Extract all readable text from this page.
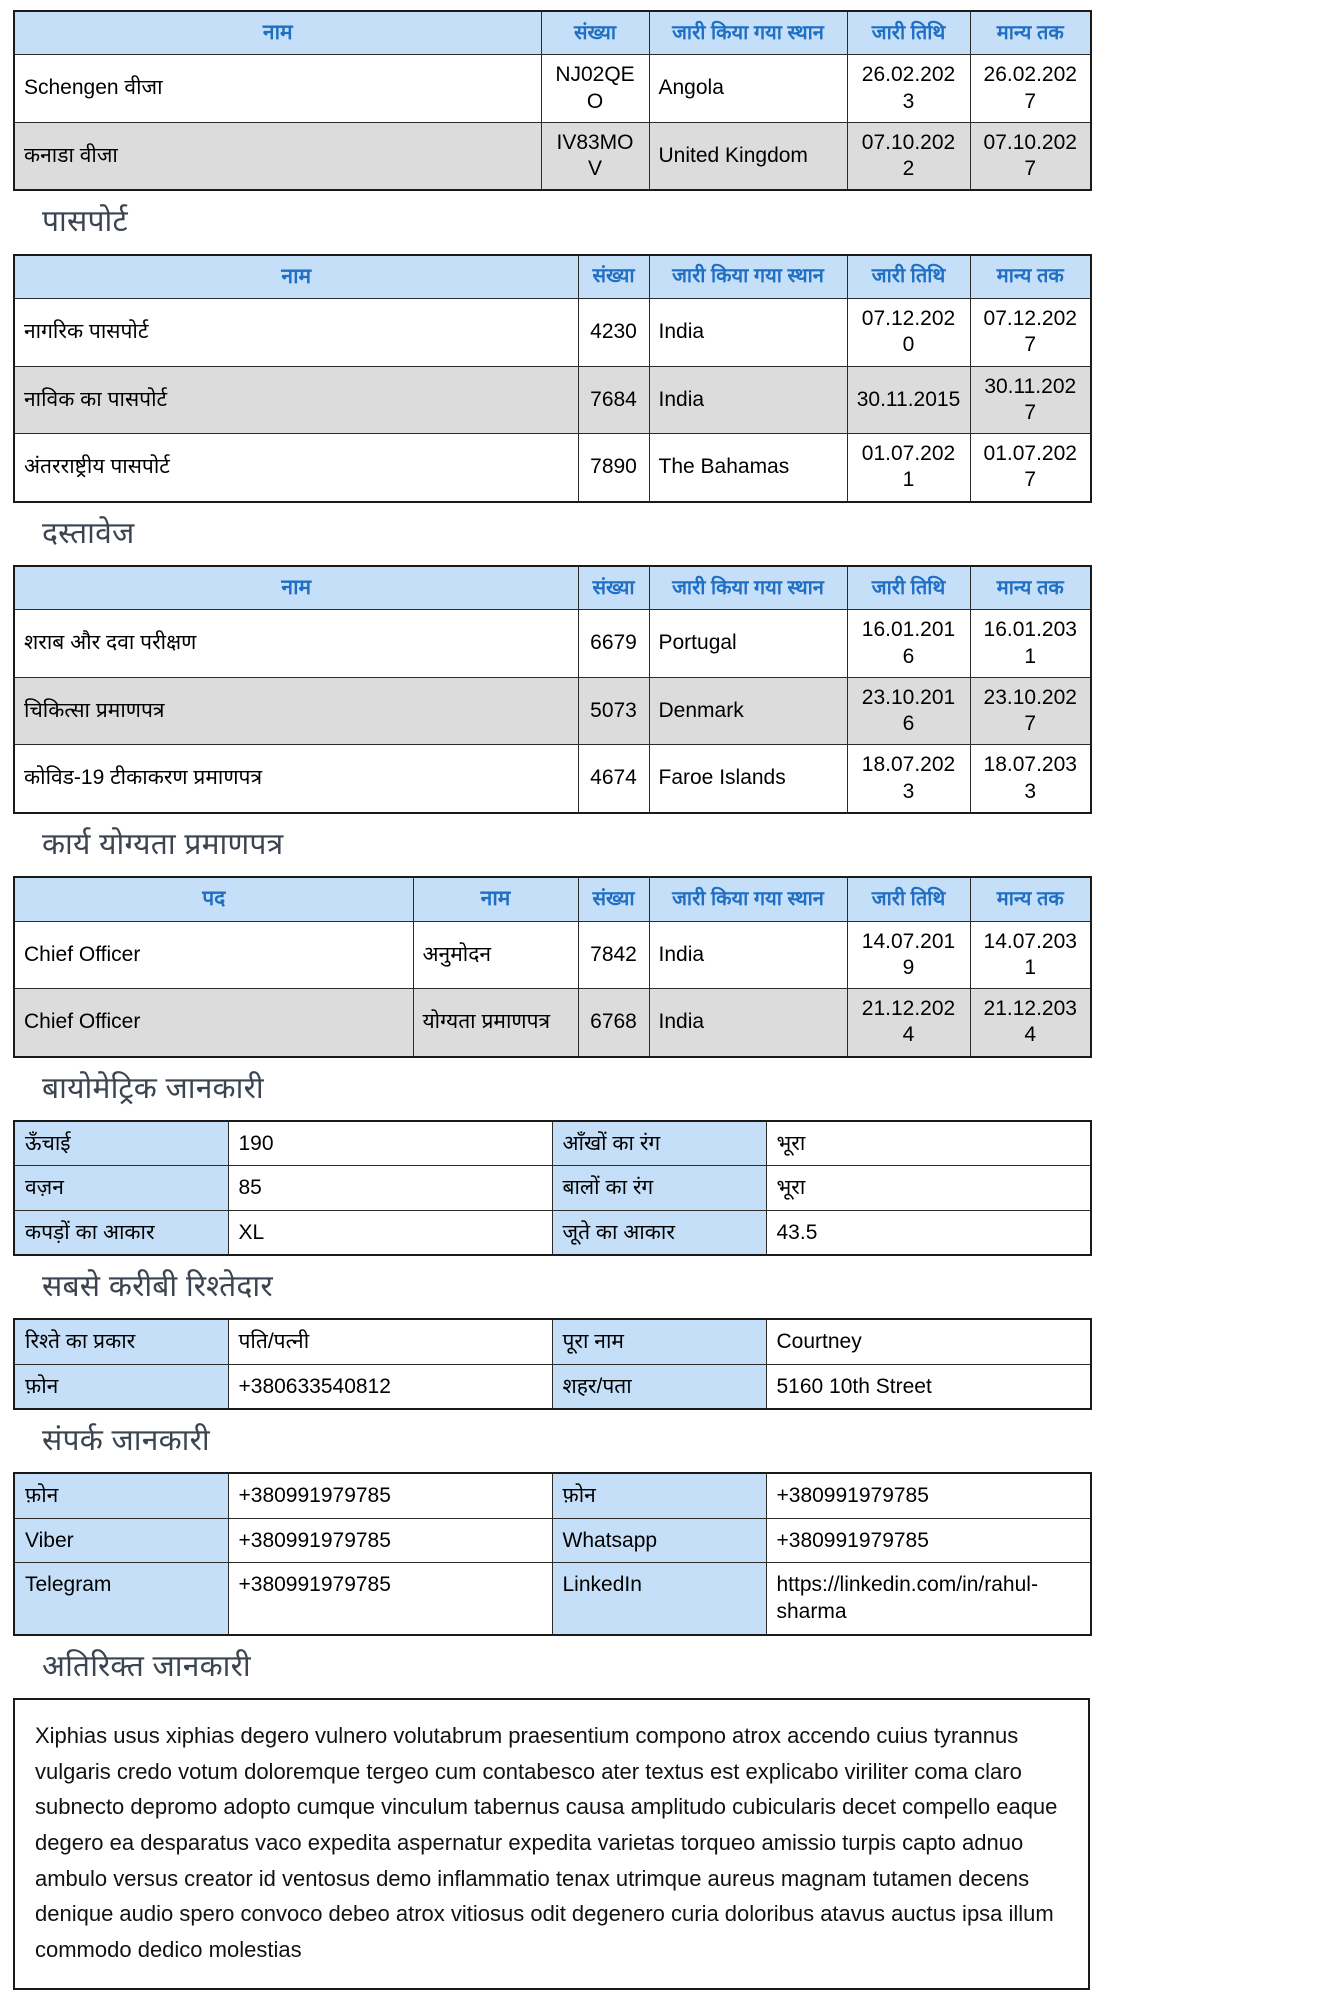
नाम	संख्या	जारी किया गया स्थान	जारी तिथि	मान्य तक
Schengen वीजा	NJ02QEO	Angola	26.02.2023	26.02.2027
कनाडा वीजा	IV83MOV	United Kingdom	07.10.2022	07.10.2027
पासपोर्ट
नाम	संख्या	जारी किया गया स्थान	जारी तिथि	मान्य तक
नागरिक पासपोर्ट	4230	India	07.12.2020	07.12.2027
नाविक का पासपोर्ट	7684	India	30.11.2015	30.11.2027
अंतरराष्ट्रीय पासपोर्ट	7890	The Bahamas	01.07.2021	01.07.2027
दस्तावेज
नाम	संख्या	जारी किया गया स्थान	जारी तिथि	मान्य तक
शराब और दवा परीक्षण	6679	Portugal	16.01.2016	16.01.2031
चिकित्सा प्रमाणपत्र	5073	Denmark	23.10.2016	23.10.2027
कोविड-19 टीकाकरण प्रमाणपत्र	4674	Faroe Islands	18.07.2023	18.07.2033
कार्य योग्यता प्रमाणपत्र
पद	नाम	संख्या	जारी किया गया स्थान	जारी तिथि	मान्य तक
Chief Officer	अनुमोदन	7842	India	14.07.2019	14.07.2031
Chief Officer	योग्यता प्रमाणपत्र	6768	India	21.12.2024	21.12.2034
बायोमेट्रिक जानकारी
ऊँचाई	190	आँखों का रंग	भूरा
वज़न	85	बालों का रंग	भूरा
कपड़ों का आकार	XL	जूते का आकार	43.5
सबसे करीबी रिश्तेदार
रिश्ते का प्रकार	पति/पत्नी	पूरा नाम	Courtney
फ़ोन	+380633540812	शहर/पता	5160 10th Street
संपर्क जानकारी
फ़ोन	+380991979785	फ़ोन	+380991979785
Viber	+380991979785	Whatsapp	+380991979785
Telegram	+380991979785	LinkedIn	https://linkedin.com/in/rahul-sharma
अतिरिक्त जानकारी
Xiphias usus xiphias degero vulnero volutabrum praesentium compono atrox accendo cuius tyrannus vulgaris credo votum doloremque tergeo cum contabesco ater textus est explicabo viriliter coma claro subnecto depromo adopto cumque vinculum tabernus causa amplitudo cubicularis decet compello eaque degero ea desparatus vaco expedita aspernatur expedita varietas torqueo amissio turpis capto adnuo ambulo versus creator id ventosus demo inflammatio tenax utrimque aureus magnam tutamen decens denique audio spero convoco debeo atrox vitiosus odit degenero curia doloribus atavus auctus ipsa illum commodo dedico molestias
